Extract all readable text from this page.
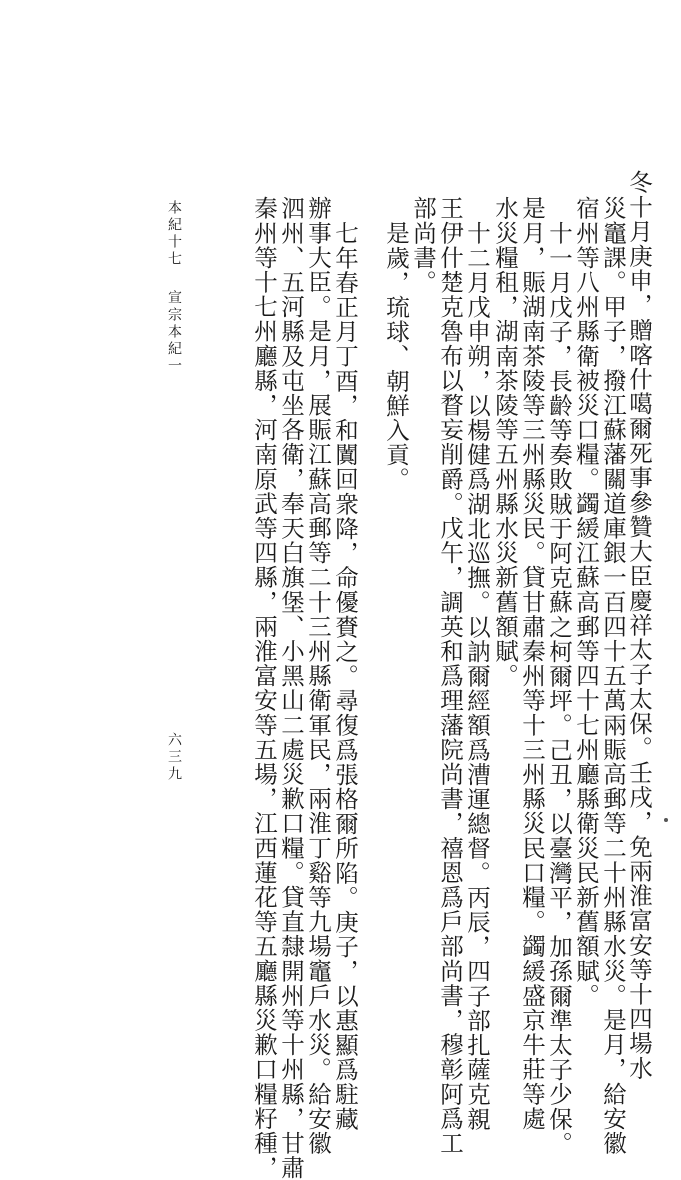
冬十月庚申，贈喀什噶爾死事參贊大臣慶祥太子太保。壬戌，免兩淮富安等十四場水
災竈課。甲子，撥江蘇藩關道庫銀一百四十五萬兩賑高郵等二十州縣水災。是月，給安徽
宿州等八州縣衛被災口糧。蠲緩江蘇高郵等四十七州廳縣衛災民新舊額賦。
十一月戊子，長齡等奏敗賊于阿克蘇之柯爾坪。己丑，以臺灣平，加孫爾準太子少保。
是月，賑湖南茶陵等三州縣災民。貸甘肅秦州等十三州縣災民口糧。蠲緩盛京牛莊等處
水災糧租，湖南茶陵等五州縣水災新舊額賦。
十二月戊申朔，以楊健爲湖北巡撫。以訥爾經額爲漕運總督。丙辰，四子部扎薩克親
王伊什楚克魯布以瞀妄削爵。戊午，調英和爲理藩院尚書，禧恩爲戶部尚書，穆彰阿爲工
部尚書。
是歲，琉球、朝鮮入貢。
七年春正月丁酉，和闐回衆降，命優賚之。尋復爲張格爾所陷。庚子，以惠顯爲駐藏
辦事大臣。是月，展賑江蘇高郵等二十三州縣衛軍民，兩淮丁谿等九場竈戶水災。給安徽
泗州、五河縣及屯坐各衛，奉天白旗堡、小黑山二處災歉口糧。貸直隸開州等十州縣，甘肅
秦州等十七州廳縣，河南原武等四縣，兩淮富安等五場，江西蓮花等五廳縣災歉口糧籽種，
本紀十七
宣宗本紀一
六三九
